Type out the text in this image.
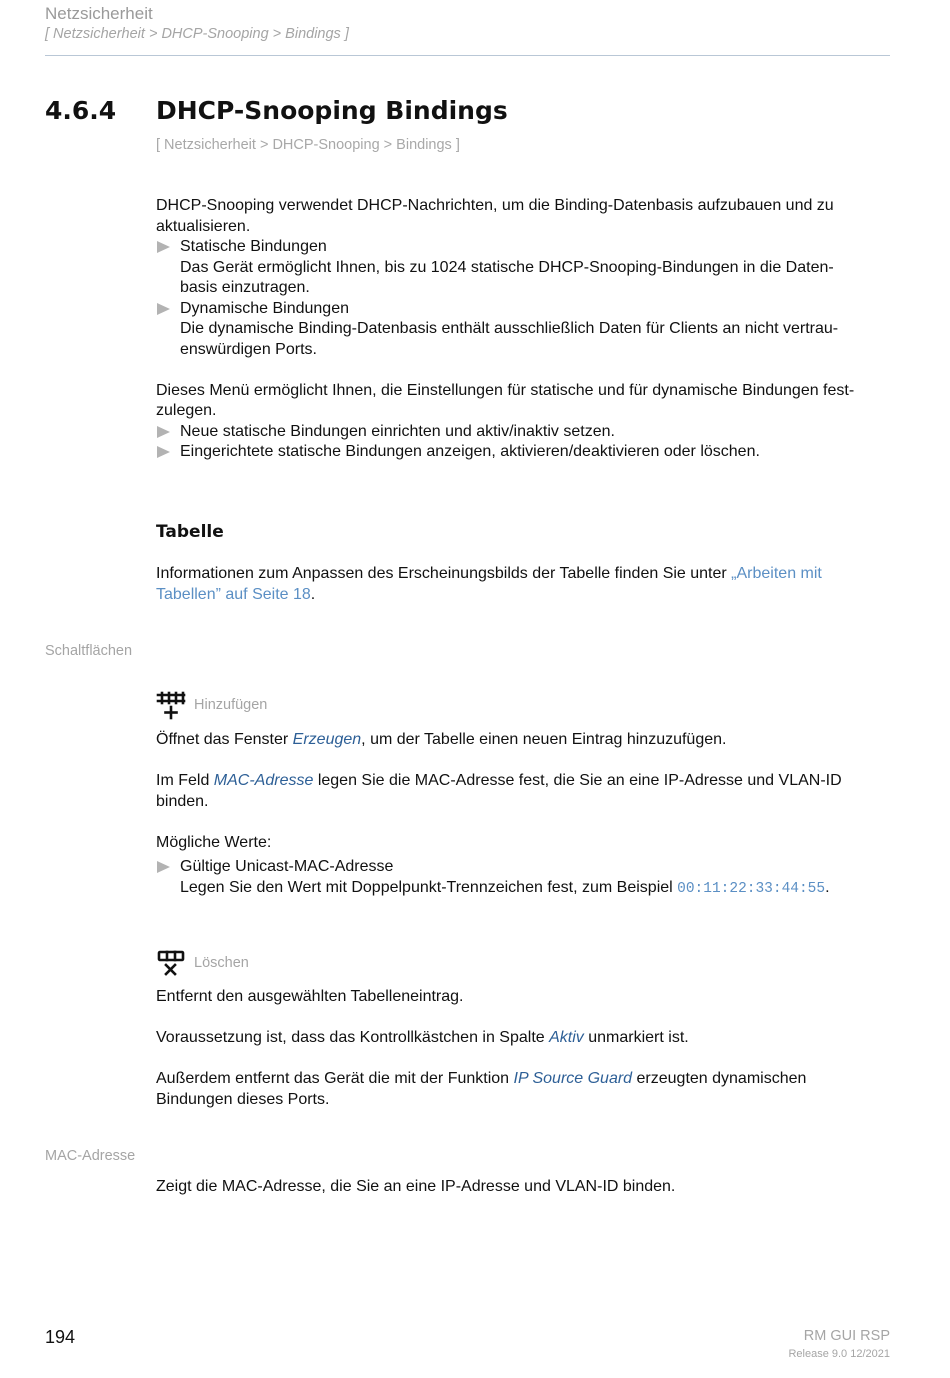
Netzsicherheit
[ Netzsicherheit > DHCP-Snooping > Bindings ]
4.6.4 DHCP-Snooping Bindings
[ Netzsicherheit > DHCP-Snooping > Bindings ]
DHCP-Snooping verwendet DHCP-Nachrichten, um die Binding-Datenbasis aufzubauen und zu
aktualisieren.
Statische Bindungen
Das Gerät ermöglicht Ihnen, bis zu 1024 statische DHCP-Snooping-Bindungen in die Daten-
basis einzutragen.
Dynamische Bindungen
Die dynamische Binding-Datenbasis enthält ausschließlich Daten für Clients an nicht vertrau-
enswürdigen Ports.
Dieses Menü ermöglicht Ihnen, die Einstellungen für statische und für dynamische Bindungen fest-
zulegen.
Neue statische Bindungen einrichten und aktiv/inaktiv setzen.
Eingerichtete statische Bindungen anzeigen, aktivieren/deaktivieren oder löschen.
Tabelle
Informationen zum Anpassen des Erscheinungsbilds der Tabelle finden Sie unter „Arbeiten mit
Tabellen” auf Seite 18.
Schaltflächen
Hinzufügen
Öffnet das Fenster Erzeugen, um der Tabelle einen neuen Eintrag hinzuzufügen.
Im Feld MAC-Adresse legen Sie die MAC-Adresse fest, die Sie an eine IP-Adresse und VLAN-ID
binden.
Mögliche Werte:
Gültige Unicast-MAC-Adresse
Legen Sie den Wert mit Doppelpunkt-Trennzeichen fest, zum Beispiel 00:11:22:33:44:55.
Löschen
Entfernt den ausgewählten Tabelleneintrag.
Voraussetzung ist, dass das Kontrollkästchen in Spalte Aktiv unmarkiert ist.
Außerdem entfernt das Gerät die mit der Funktion IP Source Guard erzeugten dynamischen
Bindungen dieses Ports.
MAC-Adresse
Zeigt die MAC-Adresse, die Sie an eine IP-Adresse und VLAN-ID binden.
194	RM GUI RSP
Release 9.0 12/2021
